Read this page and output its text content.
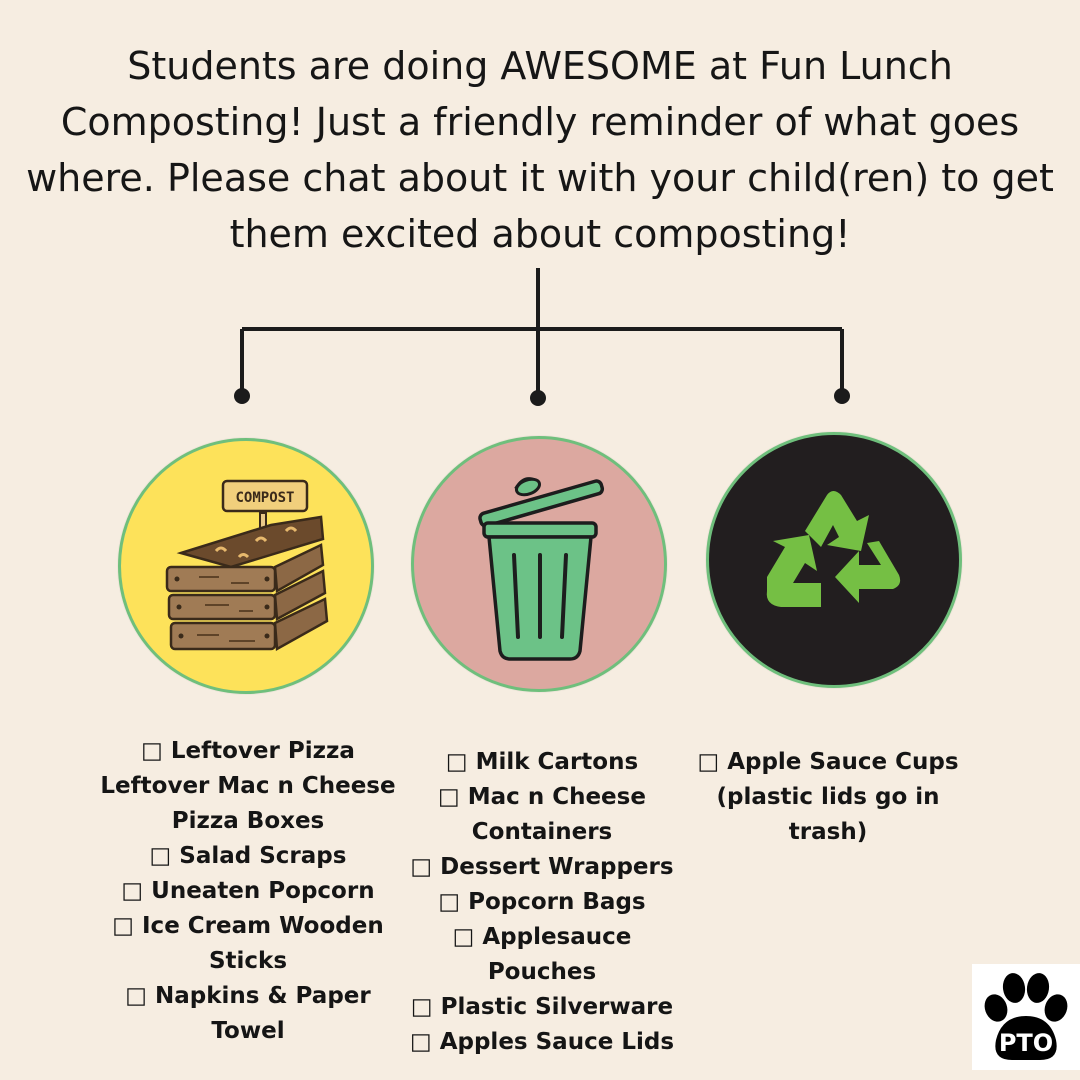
Students are doing AWESOME at Fun Lunch Composting! Just a friendly reminder of what goes where. Please chat about it with your child(ren) to get them excited about composting!

COMPOST
□ Leftover Pizza
Leftover Mac n Cheese
Pizza Boxes
□ Salad Scraps
□ Uneaten Popcorn
□ Ice Cream Wooden
Sticks
□ Napkins & Paper
Towel
□ Milk Cartons
□ Mac n Cheese
Containers
□ Dessert Wrappers
□ Popcorn Bags
□ Applesauce
Pouches
□ Plastic Silverware
□ Apples Sauce Lids
□ Apple Sauce Cups
(plastic lids go in
trash)
PTO
